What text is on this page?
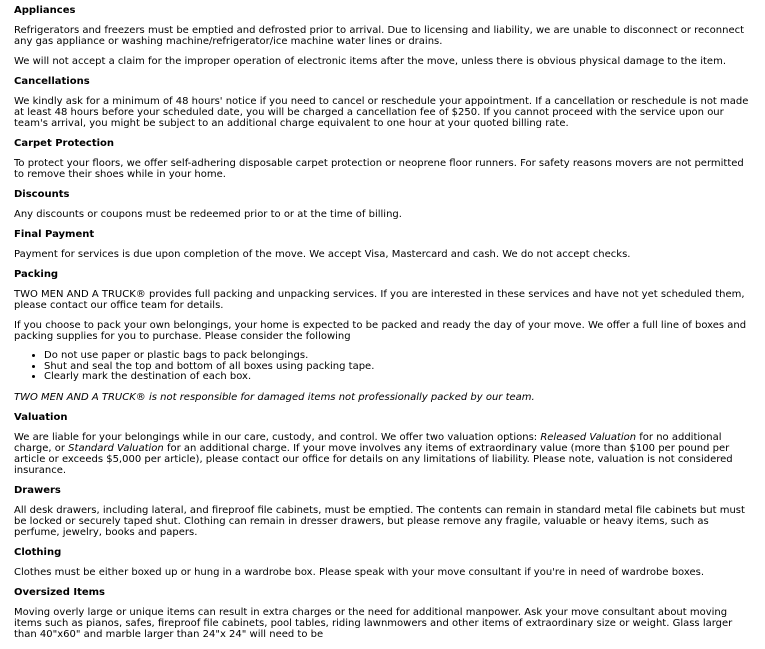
Appliances

Refrigerators and freezers must be emptied and defrosted prior to arrival. Due to licensing and liability, we are unable to disconnect or reconnect any gas appliance or washing machine/refrigerator/ice machine water lines or drains.

We will not accept a claim for the improper operation of electronic items after the move, unless there is obvious physical damage to the item.

Cancellations

We kindly ask for a minimum of 48 hours' notice if you need to cancel or reschedule your appointment. If a cancellation or reschedule is not made at least 48 hours before your scheduled date, you will be charged a cancellation fee of $250. If you cannot proceed with the service upon our team's arrival, you might be subject to an additional charge equivalent to one hour at your quoted billing rate.

Carpet Protection

To protect your floors, we offer self-adhering disposable carpet protection or neoprene floor runners. For safety reasons movers are not permitted to remove their shoes while in your home.

Discounts

Any discounts or coupons must be redeemed prior to or at the time of billing.

Final Payment

Payment for services is due upon completion of the move. We accept Visa, Mastercard and cash. We do not accept checks.

Packing

TWO MEN AND A TRUCK® provides full packing and unpacking services. If you are interested in these services and have not yet scheduled them, please contact our office team for details.

If you choose to pack your own belongings, your home is expected to be packed and ready the day of your move. We offer a full line of boxes and packing supplies for you to purchase. Please consider the following

• Do not use paper or plastic bags to pack belongings.
• Shut and seal the top and bottom of all boxes using packing tape.
• Clearly mark the destination of each box.

TWO MEN AND A TRUCK® is not responsible for damaged items not professionally packed by our team.

Valuation

We are liable for your belongings while in our care, custody, and control. We offer two valuation options: Released Valuation for no additional charge, or Standard Valuation for an additional charge. If your move involves any items of extraordinary value (more than $100 per pound per article or exceeds $5,000 per article), please contact our office for details on any limitations of liability. Please note, valuation is not considered insurance.

Drawers

All desk drawers, including lateral, and fireproof file cabinets, must be emptied. The contents can remain in standard metal file cabinets but must be locked or securely taped shut. Clothing can remain in dresser drawers, but please remove any fragile, valuable or heavy items, such as perfume, jewelry, books and papers.

Clothing

Clothes must be either boxed up or hung in a wardrobe box. Please speak with your move consultant if you're in need of wardrobe boxes.

Oversized Items

Moving overly large or unique items can result in extra charges or the need for additional manpower. Ask your move consultant about moving items such as pianos, safes, fireproof file cabinets, pool tables, riding lawnmowers and other items of extraordinary size or weight. Glass larger than 40"x60" and marble larger than 24"x 24" will need to be
